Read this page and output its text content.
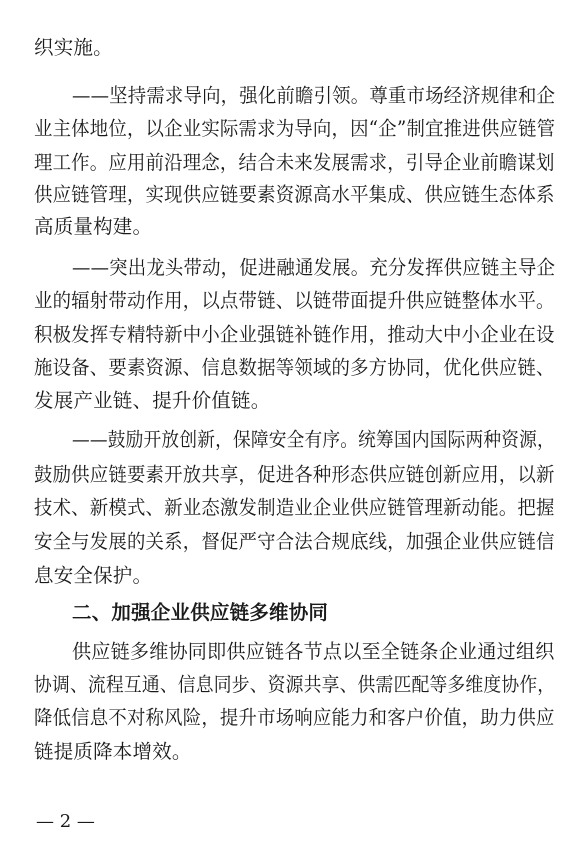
织实施。
——坚持需求导向，强化前瞻引领。尊重市场经济规律和企
业主体地位，以企业实际需求为导向，因“企”制宜推进供应链管
理工作。应用前沿理念，结合未来发展需求，引导企业前瞻谋划
供应链管理，实现供应链要素资源高水平集成、供应链生态体系
高质量构建。
——突出龙头带动，促进融通发展。充分发挥供应链主导企
业的辐射带动作用，以点带链、以链带面提升供应链整体水平。
积极发挥专精特新中小企业强链补链作用，推动大中小企业在设
施设备、要素资源、信息数据等领域的多方协同，优化供应链、
发展产业链、提升价值链。
——鼓励开放创新，保障安全有序。统筹国内国际两种资源，
鼓励供应链要素开放共享，促进各种形态供应链创新应用，以新
技术、新模式、新业态激发制造业企业供应链管理新动能。把握
安全与发展的关系，督促严守合法合规底线，加强企业供应链信
息安全保护。
二、加强企业供应链多维协同
供应链多维协同即供应链各节点以至全链条企业通过组织
协调、流程互通、信息同步、资源共享、供需匹配等多维度协作，
降低信息不对称风险，提升市场响应能力和客户价值，助力供应
链提质降本增效。
— 2 —
